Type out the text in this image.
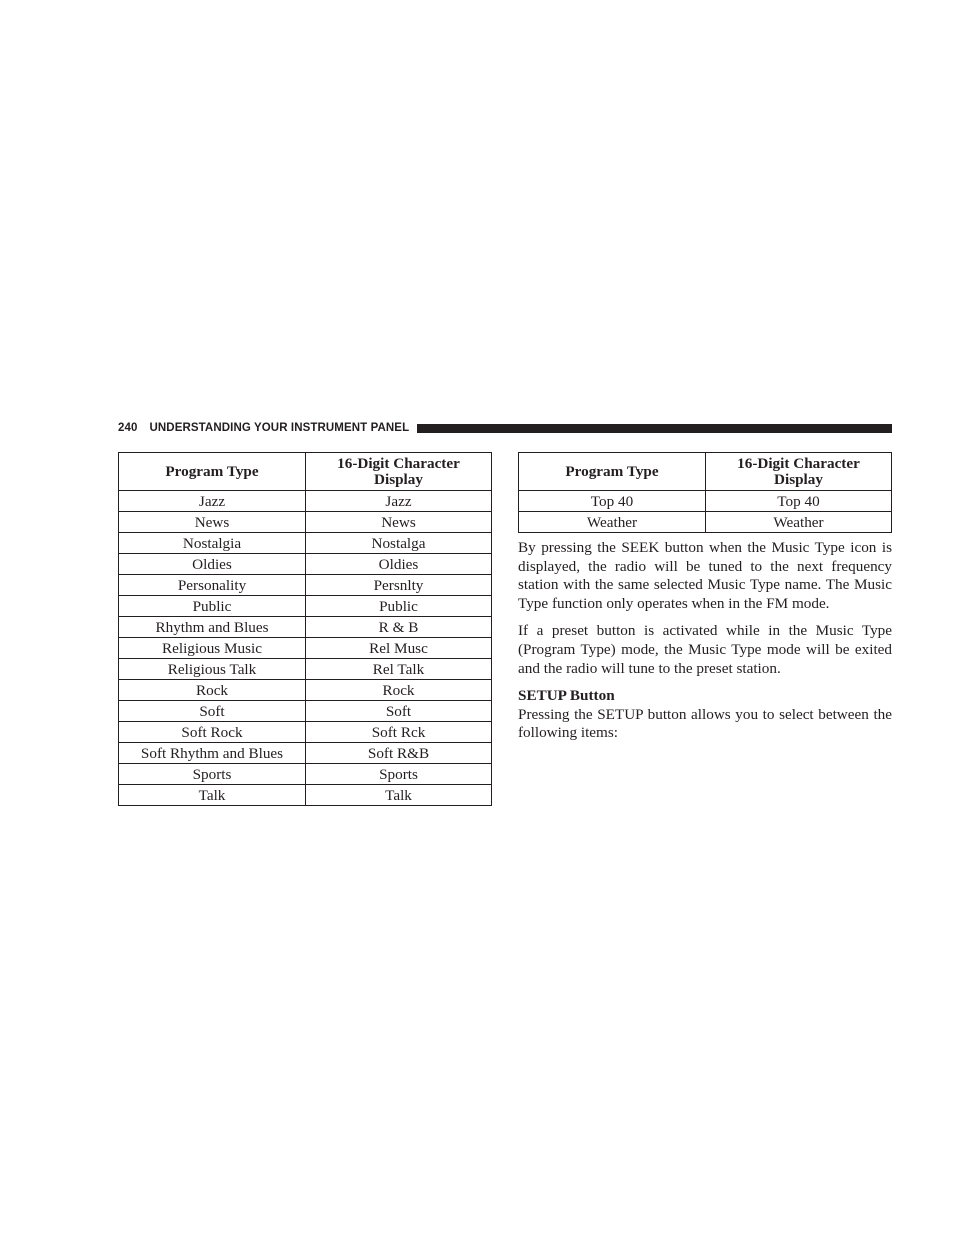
240 UNDERSTANDING YOUR INSTRUMENT PANEL
Program Type	16-Digit Character
Display
Jazz	Jazz
News	News
Nostalgia	Nostalga
Oldies	Oldies
Personality	Persnlty
Public	Public
Rhythm and Blues	R & B
Religious Music	Rel Musc
Religious Talk	Rel Talk
Rock	Rock
Soft	Soft
Soft Rock	Soft Rck
Soft Rhythm and Blues	Soft R&B
Sports	Sports
Talk	Talk
Program Type	16-Digit Character
Display
Top 40	Top 40
Weather	Weather

By pressing the SEEK button when the Music Type icon is displayed, the radio will be tuned to the next frequency station with the same selected Music Type name. The Music Type function only operates when in the FM mode.

If a preset button is activated while in the Music Type (Program Type) mode, the Music Type mode will be exited and the radio will tune to the preset station.

SETUP Button

Pressing the SETUP button allows you to select between the following items:
